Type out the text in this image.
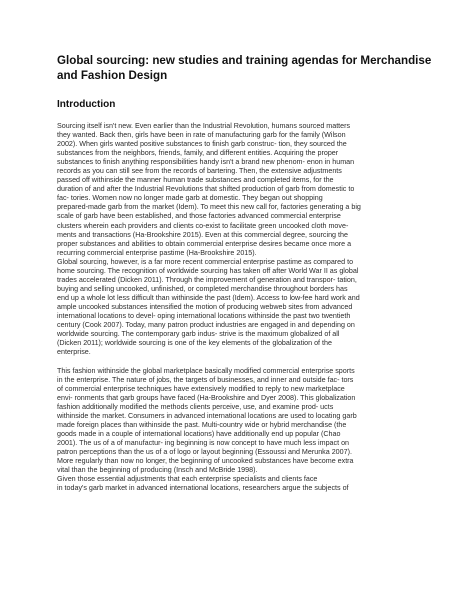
Global sourcing: new studies and training agendas for Merchandise and Fashion Design
Introduction
Sourcing itself isn't new. Even earlier than the Industrial Revolution, humans sourced matters
they wanted. Back then, girls have been in rate of manufacturing garb for the family (Wilson
2002). When girls wanted positive substances to finish garb construc- tion, they sourced the
substances from the neighbors, friends, family, and different entities. Acquiring the proper
substances to finish anything responsibilities handy isn't a brand new phenom- enon in human
records as you can still see from the records of bartering. Then, the extensive adjustments
passed off withinside the manner human trade substances and completed items, for the
duration of and after the Industrial Revolutions that shifted production of garb from domestic to
fac- tories. Women now no longer made garb at domestic. They began out shopping
prepared-made garb from the market (Idem). To meet this new call for, factories generating a big
scale of garb have been established, and those factories advanced commercial enterprise
clusters wherein each providers and clients co-exist to facilitate green uncooked cloth move-
ments and transactions (Ha-Brookshire 2015). Even at this commercial degree, sourcing the
proper substances and abilities to obtain commercial enterprise desires became once more a
recurring commercial enterprise pastime (Ha-Brookshire 2015).
Global sourcing, however, is a far more recent commercial enterprise pastime as compared to
home sourcing. The recognition of worldwide sourcing has taken off after World War II as global
trades accelerated (Dicken 2011). Through the improvement of generation and transpor- tation,
buying and selling uncooked, unfinished, or completed merchandise throughout borders has
end up a whole lot less difficult than withinside the past (Idem). Access to low-fee hard work and
ample uncooked substances intensified the motion of producing webweb sites from advanced
international locations to devel- oping international locations withinside the past two twentieth
century (Cook 2007). Today, many patron product industries are engaged in and depending on
worldwide sourcing. The contemporary garb indus- strive is the maximum globalized of all
(Dicken 2011); worldwide sourcing is one of the key elements of the globalization of the
enterprise.
This fashion withinside the global marketplace basically modified commercial enterprise sports
in the enterprise. The nature of jobs, the targets of businesses, and inner and outside fac- tors
of commercial enterprise techniques have extensively modified to reply to new marketplace
envi- ronments that garb groups have faced (Ha-Brookshire and Dyer 2008). This globalization
fashion additionally modified the methods clients perceive, use, and examine prod- ucts
withinside the market. Consumers in advanced international locations are used to locating garb
made foreign places than withinside the past. Multi-country wide or hybrid merchandise (the
goods made in a couple of international locations) have additionally end up popular (Chao
2001). The us of a of manufactur- ing beginning is now concept to have much less impact on
patron perceptions than the us of a of logo or layout beginning (Essoussi and Merunka 2007).
More regularly than now no longer, the beginning of uncooked substances have become extra
vital than the beginning of producing (Insch and McBride 1998).
Given those essential adjustments that each enterprise specialists and clients face
in today's garb market in advanced international locations, researchers argue the subjects of
